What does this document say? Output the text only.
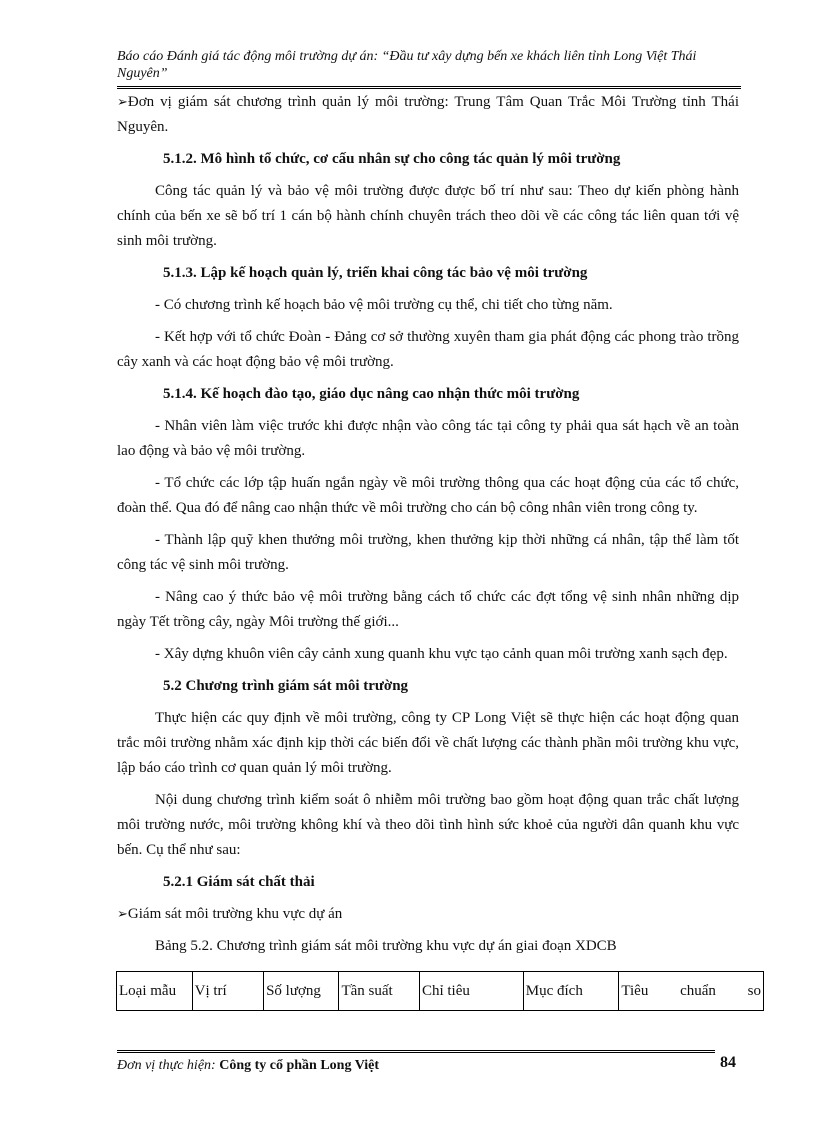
Báo cáo Đánh giá tác động môi trường dự án: “Đầu tư xây dựng bến xe khách liên tỉnh Long Việt Thái Nguyên”
➢Đơn vị giám sát chương trình quản lý môi trường: Trung Tâm Quan Trắc Môi Trường tỉnh Thái Nguyên.
5.1.2. Mô hình tổ chức, cơ cấu nhân sự cho công tác quản lý môi trường
Công tác quản lý và bảo vệ môi trường được được bố trí như sau: Theo dự kiến phòng hành chính của bến xe sẽ bố trí 1 cán bộ hành chính chuyên trách theo dõi về các công tác liên quan tới vệ sinh môi trường.
5.1.3. Lập kế hoạch quản lý, triển khai công tác bảo vệ môi trường
- Có chương trình kế hoạch bảo vệ môi trường cụ thể, chi tiết cho từng năm.
- Kết hợp với tổ chức Đoàn - Đảng cơ sở thường xuyên tham gia phát động các phong trào trồng cây xanh và các hoạt động bảo vệ môi trường.
5.1.4. Kế hoạch đào tạo, giáo dục nâng cao nhận thức môi trường
- Nhân viên làm việc trước khi được nhận vào công tác tại công ty phải qua sát hạch về an toàn lao động và bảo vệ môi trường.
- Tổ chức các lớp tập huấn ngắn ngày về môi trường thông qua các hoạt động của các tổ chức, đoàn thể. Qua đó để nâng cao nhận thức về môi trường cho cán bộ công nhân viên trong công ty.
- Thành lập quỹ khen thưởng môi trường, khen thưởng kịp thời những cá nhân, tập thể làm tốt công tác vệ sinh môi trường.
- Nâng cao ý thức bảo vệ môi trường bằng cách tổ chức các đợt tổng vệ sinh nhân những dịp ngày Tết trồng cây, ngày Môi trường thế giới...
- Xây dựng khuôn viên cây cảnh xung quanh khu vực tạo cảnh quan môi trường xanh sạch đẹp.
5.2 Chương trình giám sát môi trường
Thực hiện các quy định về môi trường, công ty CP Long Việt sẽ thực hiện các hoạt động quan trắc môi trường nhằm xác định kịp thời các biến đổi về chất lượng các thành phần môi trường khu vực, lập báo cáo trình cơ quan quản lý môi trường.
Nội dung chương trình kiểm soát ô nhiễm môi trường bao gồm hoạt động quan trắc chất lượng môi trường nước, môi trường không khí và theo dõi tình hình sức khoẻ của người dân quanh khu vực bến. Cụ thể như sau:
5.2.1 Giám sát chất thải
➢Giám sát môi trường khu vực dự án
Bảng 5.2. Chương trình giám sát môi trường khu vực dự án giai đoạn XDCB
Loại mẫu	Vị trí	Số lượng	Tần suất	Chỉ tiêu	Mục đích	Tiêu chuẩn so
Đơn vị thực hiện: Công ty cổ phần Long Việt	84
